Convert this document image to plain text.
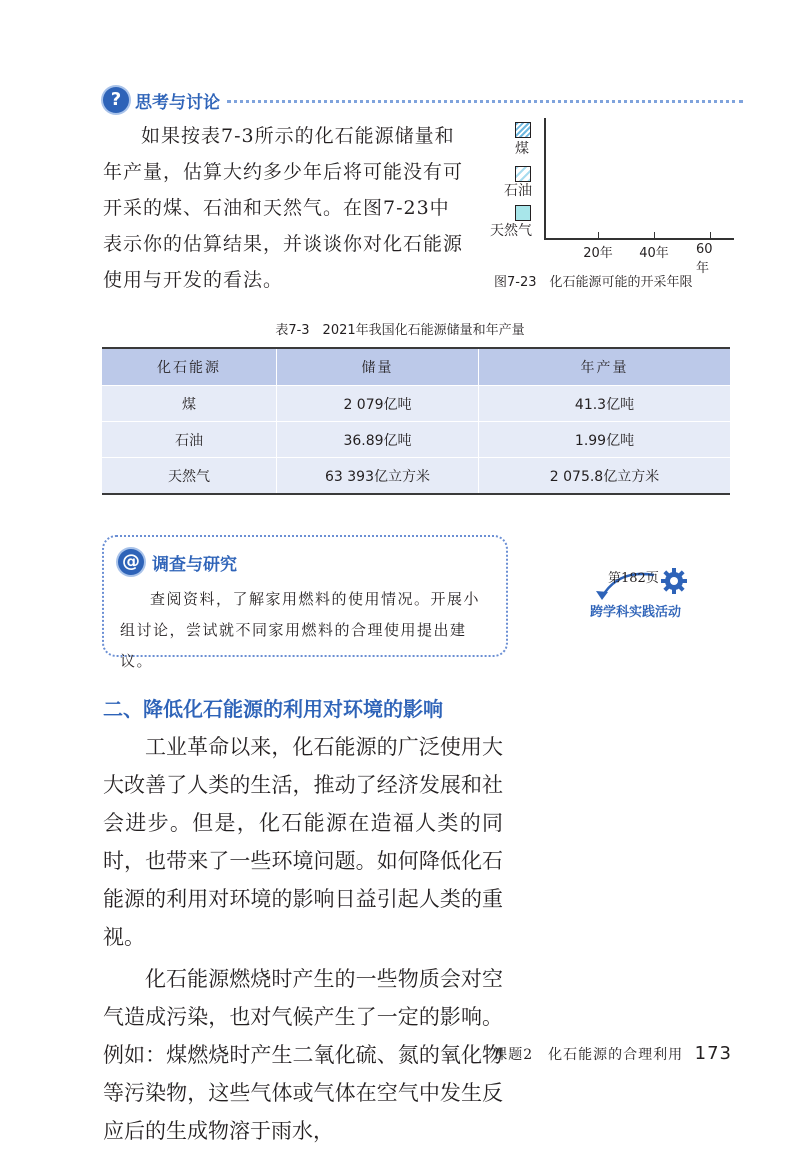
? 思考与讨论
如果按表7-3所示的化石能源储量和年产量，估算大约多少年后将可能没有可开采的煤、石油和天然气。在图7-23中表示你的估算结果，并谈谈你对化石能源使用与开发的看法。
煤
石油
天然气
20年 40年 60年
图7-23　化石能源可能的开采年限
表7-3　2021年我国化石能源储量和年产量
化石能源	储量	年产量
煤	2 079亿吨	41.3亿吨
石油	36.89亿吨	1.99亿吨
天然气	63 393亿立方米	2 075.8亿立方米
@ 调查与研究
查阅资料，了解家用燃料的使用情况。开展小组讨论，尝试就不同家用燃料的合理使用提出建议。
第182页
跨学科实践活动
二、降低化石能源的利用对环境的影响

工业革命以来，化石能源的广泛使用大大改善了人类的生活，推动了经济发展和社会进步。但是，化石能源在造福人类的同时，也带来了一些环境问题。如何降低化石能源的利用对环境的影响日益引起人类的重视。

化石能源燃烧时产生的一些物质会对空气造成污染，也对气候产生了一定的影响。例如：煤燃烧时产生二氧化硫、氮的氧化物等污染物，这些气体或气体在空气中发生反应后的生成物溶于雨水，

课题2　化石能源的合理利用 173
